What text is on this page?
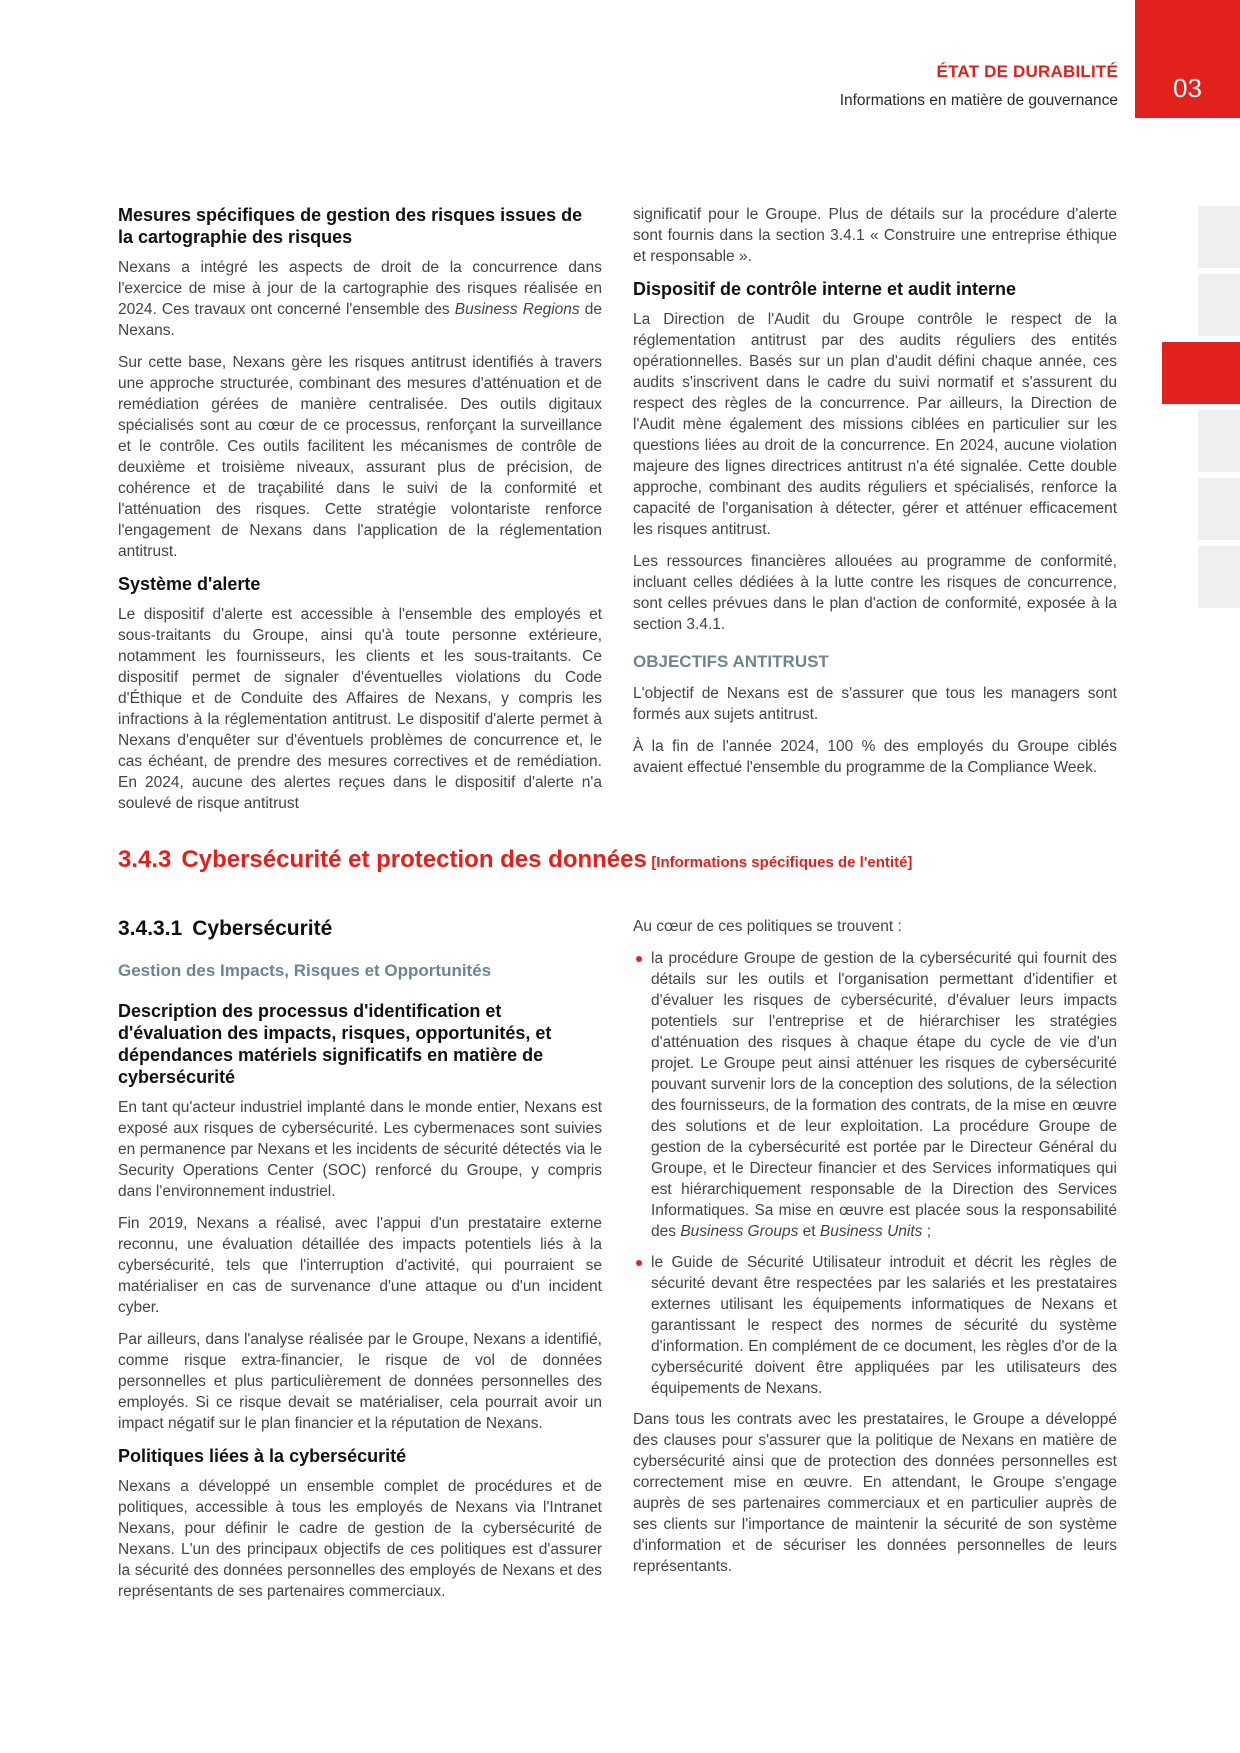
ÉTAT DE DURABILITÉ
Informations en matière de gouvernance	03
Mesures spécifiques de gestion des risques issues de la cartographie des risques

Nexans a intégré les aspects de droit de la concurrence dans l'exercice de mise à jour de la cartographie des risques réalisée en 2024. Ces travaux ont concerné l'ensemble des Business Regions de Nexans.

Sur cette base, Nexans gère les risques antitrust identifiés à travers une approche structurée, combinant des mesures d'atténuation et de remédiation gérées de manière centralisée. Des outils digitaux spécialisés sont au cœur de ce processus, renforçant la surveillance et le contrôle. Ces outils facilitent les mécanismes de contrôle de deuxième et troisième niveaux, assurant plus de précision, de cohérence et de traçabilité dans le suivi de la conformité et l'atténuation des risques. Cette stratégie volontariste renforce l'engagement de Nexans dans l'application de la réglementation antitrust.

Système d'alerte

Le dispositif d'alerte est accessible à l'ensemble des employés et sous-traitants du Groupe, ainsi qu'à toute personne extérieure, notamment les fournisseurs, les clients et les sous-traitants. Ce dispositif permet de signaler d'éventuelles violations du Code d'Éthique et de Conduite des Affaires de Nexans, y compris les infractions à la réglementation antitrust. Le dispositif d'alerte permet à Nexans d'enquêter sur d'éventuels problèmes de concurrence et, le cas échéant, de prendre des mesures correctives et de remédiation. En 2024, aucune des alertes reçues dans le dispositif d'alerte n'a soulevé de risque antitrust

significatif pour le Groupe. Plus de détails sur la procédure d'alerte sont fournis dans la section 3.4.1 « Construire une entreprise éthique et responsable ».

Dispositif de contrôle interne et audit interne

La Direction de l'Audit du Groupe contrôle le respect de la réglementation antitrust par des audits réguliers des entités opérationnelles. Basés sur un plan d'audit défini chaque année, ces audits s'inscrivent dans le cadre du suivi normatif et s'assurent du respect des règles de la concurrence. Par ailleurs, la Direction de l'Audit mène également des missions ciblées en particulier sur les questions liées au droit de la concurrence. En 2024, aucune violation majeure des lignes directrices antitrust n'a été signalée. Cette double approche, combinant des audits réguliers et spécialisés, renforce la capacité de l'organisation à détecter, gérer et atténuer efficacement les risques antitrust.

Les ressources financières allouées au programme de conformité, incluant celles dédiées à la lutte contre les risques de concurrence, sont celles prévues dans le plan d'action de conformité, exposée à la section 3.4.1.

OBJECTIFS ANTITRUST

L'objectif de Nexans est de s'assurer que tous les managers sont formés aux sujets antitrust.

À la fin de l'année 2024, 100 % des employés du Groupe ciblés avaient effectué l'ensemble du programme de la Compliance Week.

3.4.3 Cybersécurité et protection des données [Informations spécifiques de l'entité]
3.4.3.1 Cybersécurité
Gestion des Impacts, Risques et Opportunités
Description des processus d'identification et d'évaluation des impacts, risques, opportunités, et dépendances matériels significatifs en matière de cybersécurité

En tant qu'acteur industriel implanté dans le monde entier, Nexans est exposé aux risques de cybersécurité. Les cybermenaces sont suivies en permanence par Nexans et les incidents de sécurité détectés via le Security Operations Center (SOC) renforcé du Groupe, y compris dans l'environnement industriel.

Fin 2019, Nexans a réalisé, avec l'appui d'un prestataire externe reconnu, une évaluation détaillée des impacts potentiels liés à la cybersécurité, tels que l'interruption d'activité, qui pourraient se matérialiser en cas de survenance d'une attaque ou d'un incident cyber.

Par ailleurs, dans l'analyse réalisée par le Groupe, Nexans a identifié, comme risque extra-financier, le risque de vol de données personnelles et plus particulièrement de données personnelles des employés. Si ce risque devait se matérialiser, cela pourrait avoir un impact négatif sur le plan financier et la réputation de Nexans.

Politiques liées à la cybersécurité

Nexans a développé un ensemble complet de procédures et de politiques, accessible à tous les employés de Nexans via l'Intranet Nexans, pour définir le cadre de gestion de la cybersécurité de Nexans. L'un des principaux objectifs de ces politiques est d'assurer la sécurité des données personnelles des employés de Nexans et des représentants de ses partenaires commerciaux.

Au cœur de ces politiques se trouvent :

la procédure Groupe de gestion de la cybersécurité qui fournit des détails sur les outils et l'organisation permettant d'identifier et d'évaluer les risques de cybersécurité, d'évaluer leurs impacts potentiels sur l'entreprise et de hiérarchiser les stratégies d'atténuation des risques à chaque étape du cycle de vie d'un projet. Le Groupe peut ainsi atténuer les risques de cybersécurité pouvant survenir lors de la conception des solutions, de la sélection des fournisseurs, de la formation des contrats, de la mise en œuvre des solutions et de leur exploitation. La procédure Groupe de gestion de la cybersécurité est portée par le Directeur Général du Groupe, et le Directeur financier et des Services informatiques qui est hiérarchiquement responsable de la Direction des Services Informatiques. Sa mise en œuvre est placée sous la responsabilité des Business Groups et Business Units ;
le Guide de Sécurité Utilisateur introduit et décrit les règles de sécurité devant être respectées par les salariés et les prestataires externes utilisant les équipements informatiques de Nexans et garantissant le respect des normes de sécurité du système d'information. En complément de ce document, les règles d'or de la cybersécurité doivent être appliquées par les utilisateurs des équipements de Nexans.

Dans tous les contrats avec les prestataires, le Groupe a développé des clauses pour s'assurer que la politique de Nexans en matière de cybersécurité ainsi que de protection des données personnelles est correctement mise en œuvre. En attendant, le Groupe s'engage auprès de ses partenaires commerciaux et en particulier auprès de ses clients sur l'importance de maintenir la sécurité de son système d'information et de sécuriser les données personnelles de leurs représentants.
